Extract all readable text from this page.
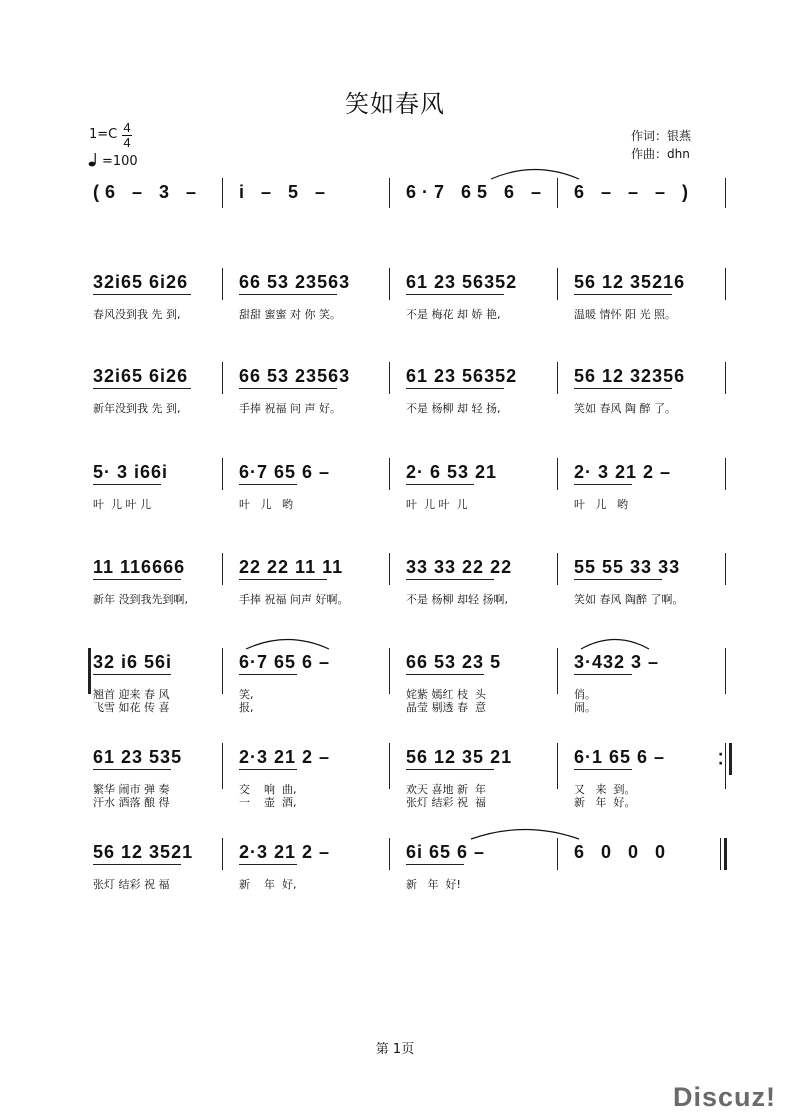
笑如春风
1=C 4
4
=100
作词：银燕
作曲：dhn
(6 – 3 – i – 5 –	6·7 65 6 – 6 – – – )
32i65 6i26	66 53 23563	61 23 56352	56 12 35216
春风没到我 先 到,	甜甜 蜜蜜 对 你 笑。	不是 梅花 却 娇 艳,	温暖 情怀 阳 光 照。
32i65 6i26	66 53 23563	61 23 56352	56 12 32356
新年没到我 先 到,	手捧 祝福 问 声 好。	不是 杨柳 却 轻 扬,	笑如 春风 陶 醉 了。
5· 3 i66i	6·7 65 6 –	2· 6 53 21	2· 3 21 2 –
叶  儿 叶 儿	叶   儿   哟	叶  儿 叶  儿	叶   儿   哟
11 116666	22 22 11 11	33 33 22 22	55 55 33 33
新年 没到我先到啊,	手捧 祝福 问声 好啊。	不是 杨柳 却轻 扬啊,	笑如 春风 陶醉 了啊。
32 i6 56i	6·7 65 6 –	66 53 23 5	3·432 3 –
翘首 迎来 春 风	笑,	姹紫 嫣红 枝  头	俏。
飞雪 如花 传 喜	报,	晶莹 剔透 春  意	闹。
·
·
61 23 535	2·3 21 2 –	56 12 35 21	6·1 65 6 –
繁华 闹市 弹 奏	交    响  曲,	欢天 喜地 新  年	又   来  到。
汗水 酒落 酿 得	一    壶  酒,	张灯 结彩 祝  福	新   年  好。
56 12 3521	2·3 21 2 –	6i 65 6 –	6 0 0 0
张灯 结彩 祝 福	新    年  好,	新   年  好!
第 1页
Discuz!
